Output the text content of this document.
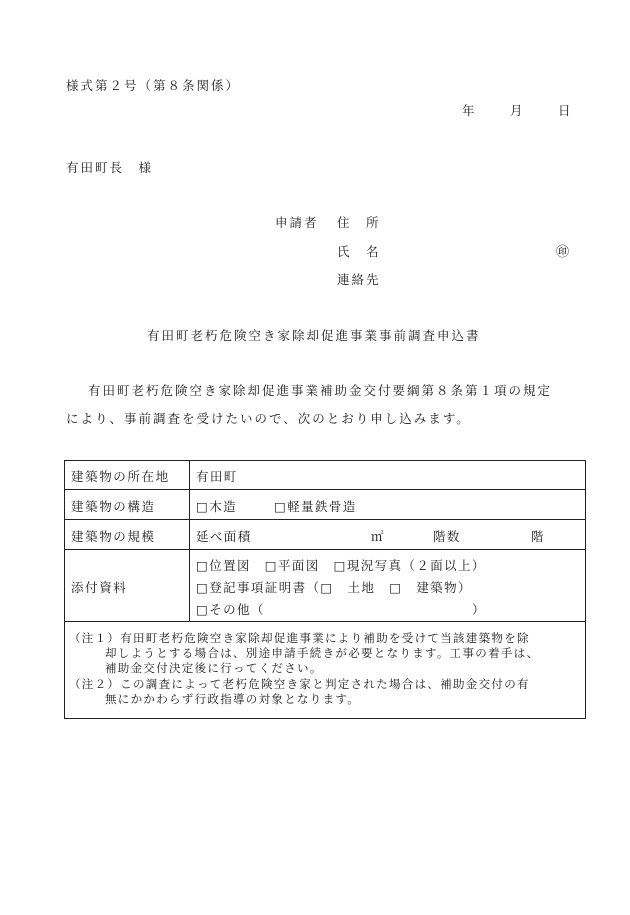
様式第２号（第８条関係）
年	月	日
有田町長　様
申請者 住　所
氏　名	㊞
連絡先
有田町老朽危険空き家除却促進事業事前調査申込書
有田町老朽危険空き家除却促進事業補助金交付要綱第８条第１項の規定
により、事前調査を受けたいので、次のとおり申し込みます。
建築物の所在地 有田町
建築物の構造	□木造	□軽量鉄骨造
建築物の規模	延べ面積	㎡	階数	階
添付資料
□位置図　□平面図　□現況写真（２面以上）
□登記事項証明書（□　土地　□　建築物）
□その他（	）
（注１）有田町老朽危険空き家除却促進事業により補助を受けて当該建築物を除
却しようとする場合は、別途申請手続きが必要となります。工事の着手は、
補助金交付決定後に行ってください。
（注２）この調査によって老朽危険空き家と判定された場合は、補助金交付の有
無にかかわらず行政指導の対象となります。
